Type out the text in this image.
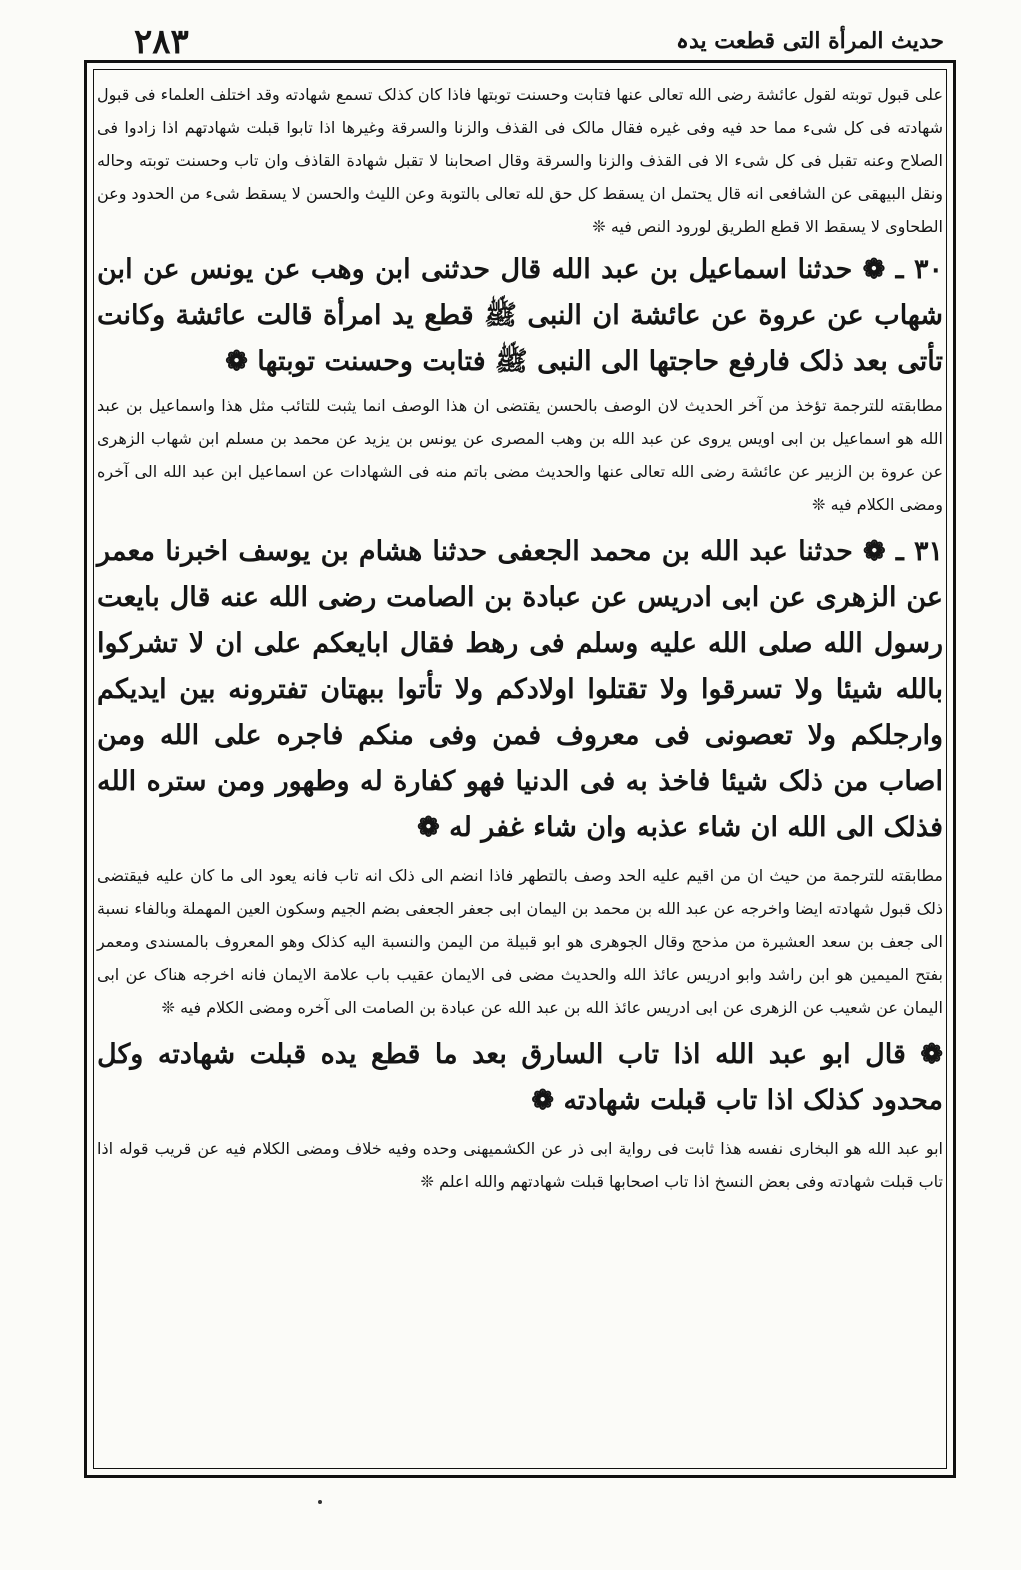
٢٨٣	حدیث المرأة التی قطعت یدہ

علی قبول توبته لقول عائشة رضی الله تعالی عنها فتابت وحسنت توبتها فاذا کان کذلک تسمع شهادته وقد اختلف العلماء فی قبول شهادته فی کل شیء مما حد فیه وفی غیره فقال مالک فی القذف والزنا والسرقة وغیرها اذا تابوا قبلت شهادتهم اذا زادوا فی الصلاح وعنه تقبل فی کل شیء الا فی القذف والزنا والسرقة وقال اصحابنا لا تقبل شهادة القاذف وان تاب وحسنت توبته وحاله ونقل البیهقی عن الشافعی انه قال یحتمل ان یسقط کل حق لله تعالی بالتوبة وعن اللیث والحسن لا یسقط شیء من الحدود وعن الطحاوی لا یسقط الا قطع الطریق لورود النص فیه ❊

٣٠ ـ ❁ حدثنا اسماعیل بن عبد الله قال حدثنی ابن وهب عن یونس عن ابن شهاب عن عروة عن عائشة ان النبی ﷺ قطع ید امرأة قالت عائشة وکانت تأتی بعد ذلک فارفع حاجتها الی النبی ﷺ فتابت وحسنت توبتها ❁

مطابقته للترجمة تؤخذ من آخر الحدیث لان الوصف بالحسن یقتضی ان هذا الوصف انما یثبت للتائب مثل هذا واسماعیل بن عبد الله هو اسماعیل بن ابی اویس یروی عن عبد الله بن وهب المصری عن یونس بن یزید عن محمد بن مسلم ابن شهاب الزهری عن عروة بن الزبیر عن عائشة رضی الله تعالی عنها والحدیث مضی باتم منه فی الشهادات عن اسماعیل ابن عبد الله الی آخره ومضی الکلام فیه ❊

٣١ ـ ❁ حدثنا عبد الله بن محمد الجعفی حدثنا هشام بن یوسف اخبرنا معمر عن الزهری عن ابی ادریس عن عبادة بن الصامت رضی الله عنه قال بایعت رسول الله صلی الله علیه وسلم فی رهط فقال ابایعکم علی ان لا تشرکوا بالله شیئا ولا تسرقوا ولا تقتلوا اولادکم ولا تأتوا ببهتان تفترونه بین ایدیکم وارجلکم ولا تعصونی فی معروف فمن وفی منکم فاجره علی الله ومن اصاب من ذلک شیئا فاخذ به فی الدنیا فهو کفارة له وطهور ومن ستره الله فذلک الی الله ان شاء عذبه وان شاء غفر له ❁

مطابقته للترجمة من حیث ان من اقیم علیه الحد وصف بالتطهر فاذا انضم الی ذلک انه تاب فانه یعود الی ما کان علیه فیقتضی ذلک قبول شهادته ایضا واخرجه عن عبد الله بن محمد بن الیمان ابی جعفر الجعفی بضم الجیم وسکون العین المهملة وبالفاء نسبة الی جعف بن سعد العشیرة من مذحج وقال الجوهری هو ابو قبیلة من الیمن والنسبة الیه کذلک وهو المعروف بالمسندی ومعمر بفتح المیمین هو ابن راشد وابو ادریس عائذ الله والحدیث مضی فی الایمان عقیب باب علامة الایمان فانه اخرجه هناک عن ابی الیمان عن شعیب عن الزهری عن ابی ادریس عائذ الله بن عبد الله عن عبادة بن الصامت الی آخره ومضی الکلام فیه ❊

❁ قال ابو عبد الله اذا تاب السارق بعد ما قطع یده قبلت شهادته وکل محدود کذلک اذا تاب قبلت شهادته ❁

ابو عبد الله هو البخاری نفسه هذا ثابت فی روایة ابی ذر عن الکشمیهنی وحده وفیه خلاف ومضی الکلام فیه عن قریب قوله اذا تاب قبلت شهادته وفی بعض النسخ اذا تاب اصحابها قبلت شهادتهم والله اعلم ❊
